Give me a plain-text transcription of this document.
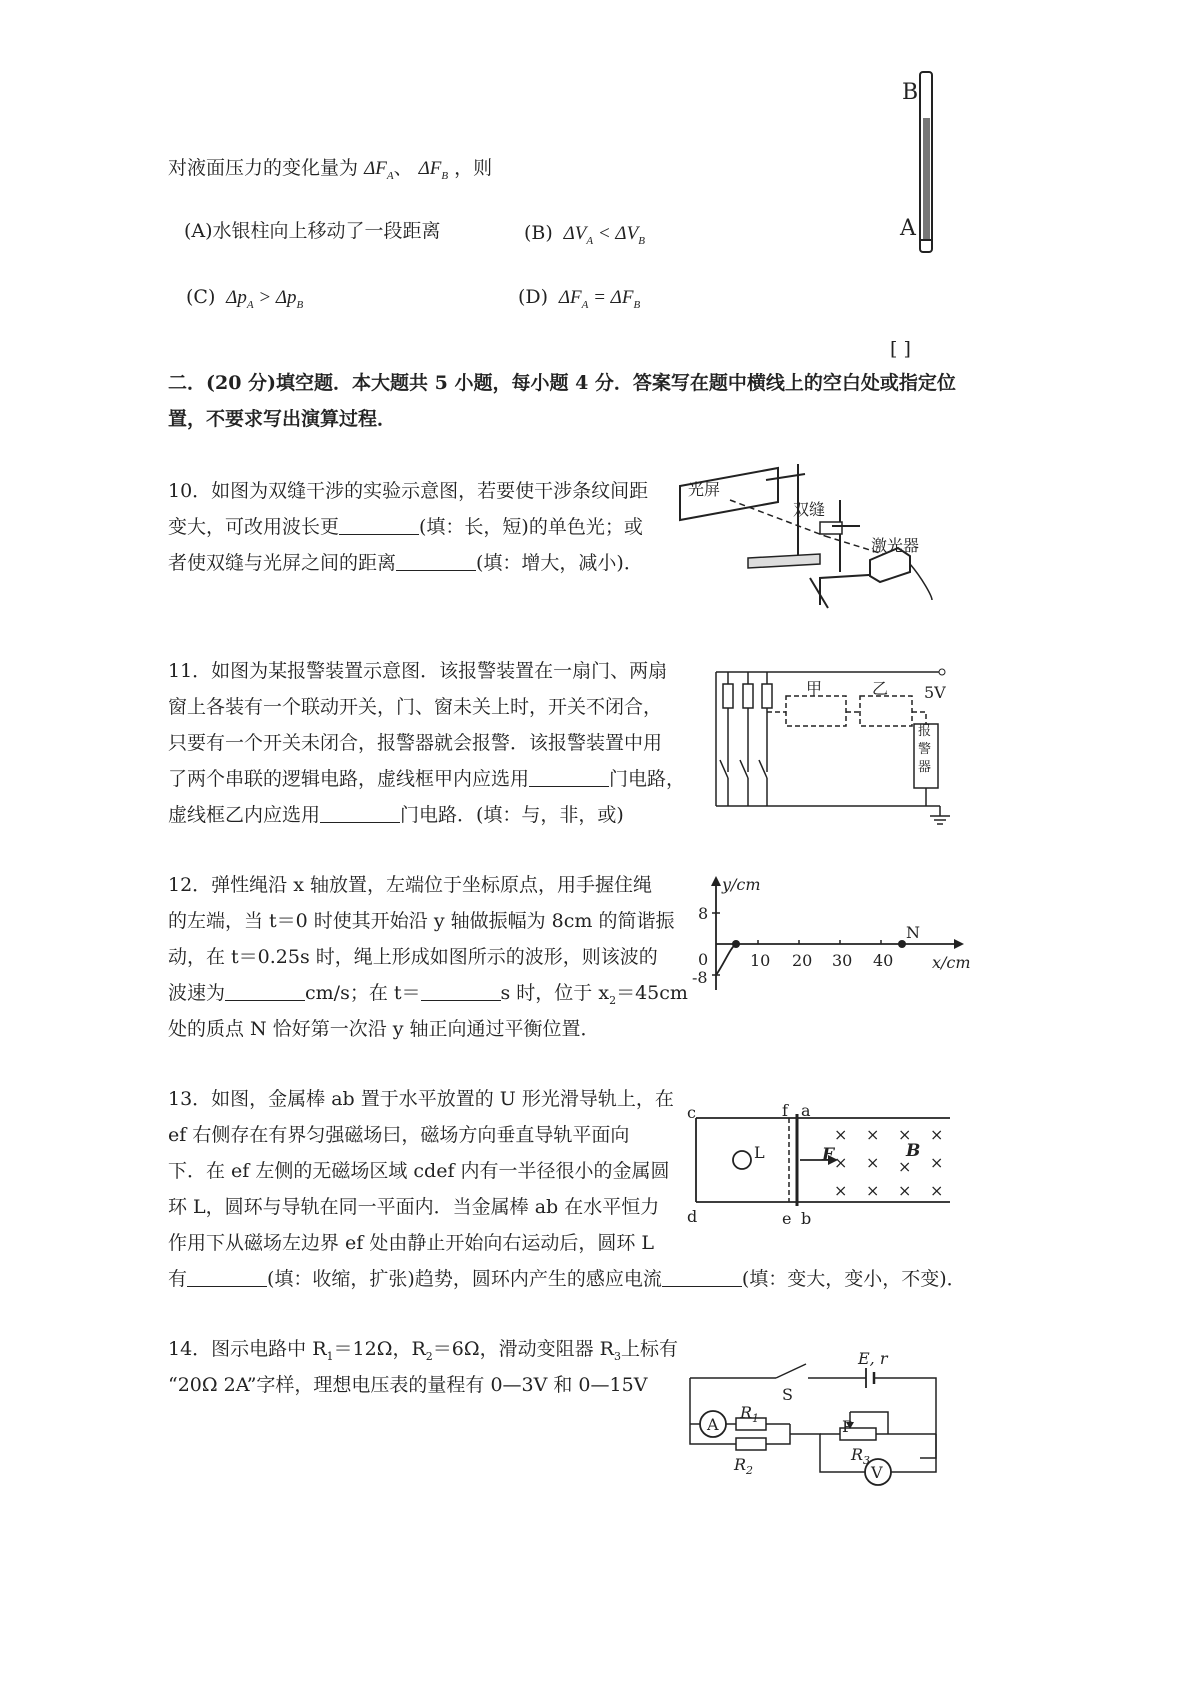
B
A
对液面压力的变化量为 $\Delta F_A$、 $\Delta F_B$ ，则
(A)水银柱向上移动了一段距离	(B)  $\Delta V_A < \Delta V_B$
(C)  $\Delta p_A > \Delta p_B$	(D)  $\Delta F_A = \Delta F_B$
[ ]
二．(20 分)填空题．本大题共 5 小题，每小题 4 分．答案写在题中横线上的空白处或指定位
置，不要求写出演算过程．
10．如图为双缝干涉的实验示意图，若要使干涉条纹间距
变大，可改用波长更	(填：长，短)的单色光；或
者使双缝与光屏之间的距离	(填：增大，减小)．
光屏
双缝
激光器
11．如图为某报警装置示意图．该报警装置在一扇门、两扇
窗上各装有一个联动开关，门、窗未关上时，开关不闭合，
只要有一个开关未闭合，报警器就会报警．该报警装置中用
了两个串联的逻辑电路，虚线框甲内应选用	门电路，
虚线框乙内应选用	门电路．(填：与，非，或)
甲	乙 5V
报
警
器
12．弹性绳沿 x 轴放置，左端位于坐标原点，用手握住绳
的左端，当 t＝0 时使其开始沿 y 轴做振幅为 8cm 的简谐振
动，在 t＝0.25s 时，绳上形成如图所示的波形，则该波的
波速为	cm/s；在 t＝	s 时，位于 $x_2=45cm$
处的质点 N 恰好第一次沿 y 轴正向通过平衡位置．
y/cm
8
0
-8
10 20 30 40
N
x/cm
13．如图，金属棒 ab 置于水平放置的 U 形光滑导轨上，在
ef 右侧存在有界匀强磁场曰，磁场方向垂直导轨平面向
下．在 ef 左侧的无磁场区域 cdef 内有一半径很小的金属圆
环 L，圆环与导轨在同一平面内．当金属棒 ab 在水平恒力
作用下从磁场左边界 ef 处由静止开始向右运动后，圆环 L
有	(填：收缩，扩张)趋势，圆环内产生的感应电流	(填：变大，变小，不变)．
c
d
f a
e b
L	F	B
× × × ×
× × × ×
× × × ×
14．图示电路中 $R_1=12\Omega$，$R_2=6\Omega$，滑动变阻器 $R_3$上标有
“20Ω 2A”字样，理想电压表的量程有 0—3V 和 0—15V
E, r
S
A
$R_1$
$R_2$
P
$R_3$
V
